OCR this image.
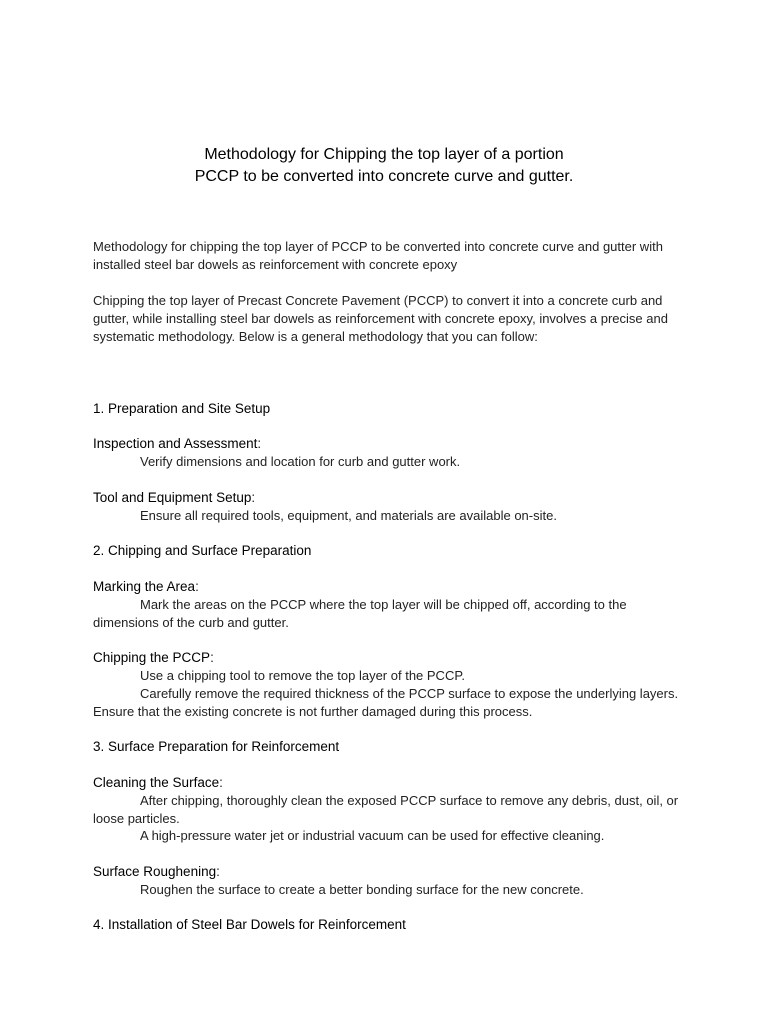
Methodology for Chipping the top layer of a portion
PCCP to be converted into concrete curve and gutter.
Methodology for chipping the top layer of PCCP to be converted into concrete curve and gutter with installed steel bar dowels as reinforcement with concrete epoxy
Chipping the top layer of Precast Concrete Pavement (PCCP) to convert it into a concrete curb and gutter, while installing steel bar dowels as reinforcement with concrete epoxy, involves a precise and systematic methodology. Below is a general methodology that you can follow:
1. Preparation and Site Setup
Inspection and Assessment:
Verify dimensions and location for curb and gutter work.
Tool and Equipment Setup:
Ensure all required tools, equipment, and materials are available on-site.
2. Chipping and Surface Preparation
Marking the Area:
Mark the areas on the PCCP where the top layer will be chipped off, according to the dimensions of the curb and gutter.
Chipping the PCCP:
Use a chipping tool to remove the top layer of the PCCP.
Carefully remove the required thickness of the PCCP surface to expose the underlying layers. Ensure that the existing concrete is not further damaged during this process.
3. Surface Preparation for Reinforcement
Cleaning the Surface:
After chipping, thoroughly clean the exposed PCCP surface to remove any debris, dust, oil, or loose particles.
A high-pressure water jet or industrial vacuum can be used for effective cleaning.
Surface Roughening:
Roughen the surface to create a better bonding surface for the new concrete.
4. Installation of Steel Bar Dowels for Reinforcement
